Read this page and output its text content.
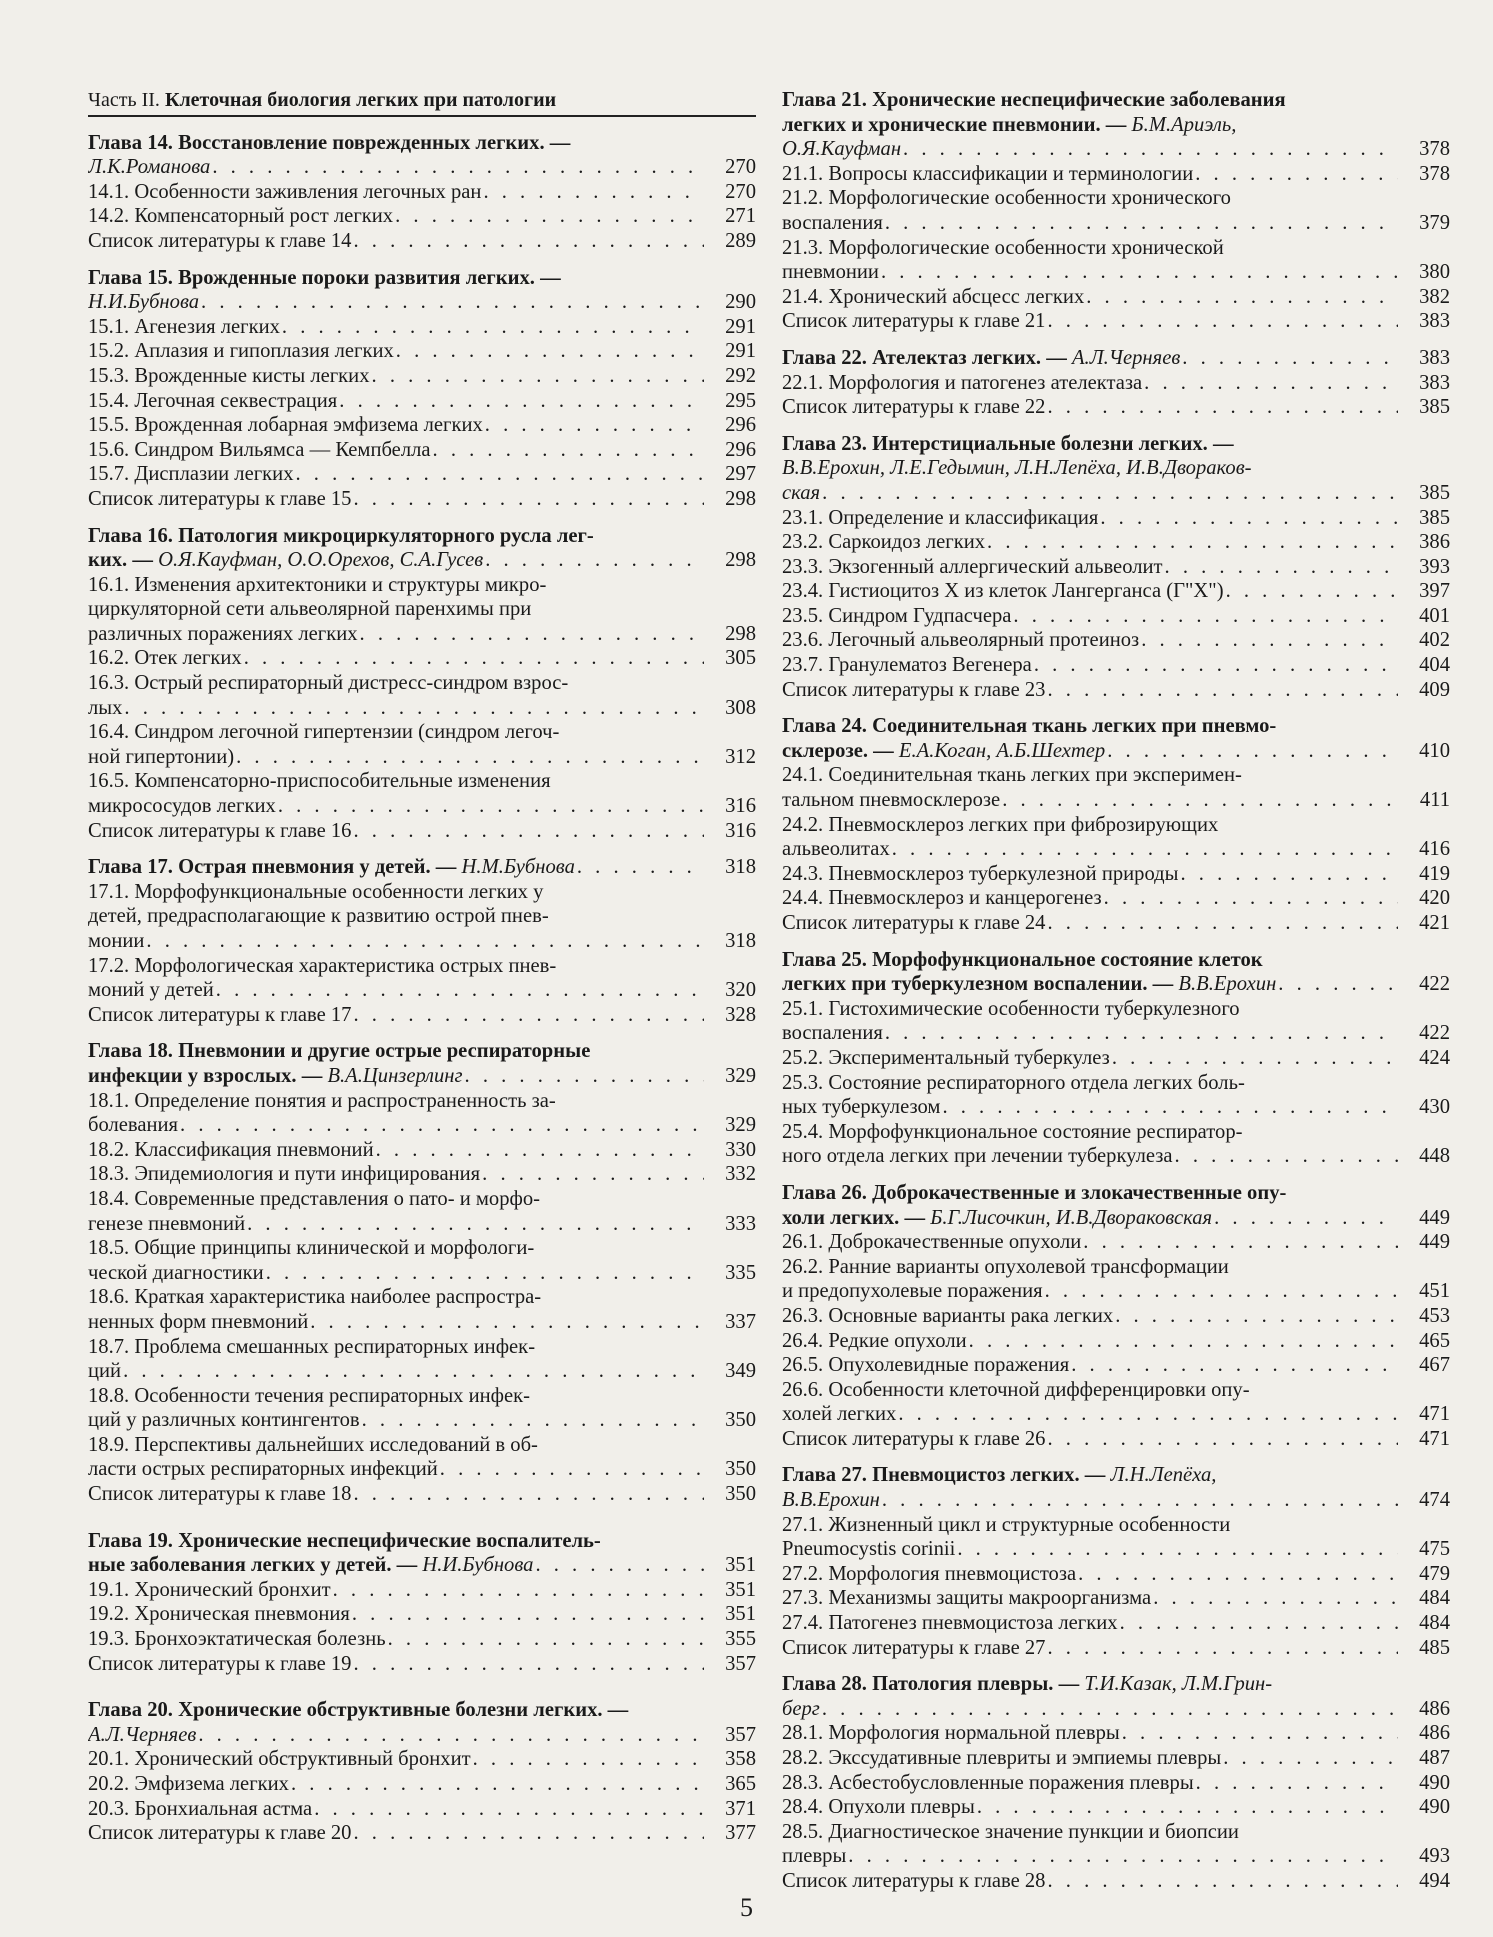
Часть II. Клеточная биология легких при патологии
Глава 14. Восстановление поврежденных легких. —
Л.К.Романова . . .	270
14.1. Особенности заживления легочных ран . . .	270
14.2. Компенсаторный рост легких . . .	271
Список литературы к главе 14 . . .	289
Глава 15. Врожденные пороки развития легких. —
Н.И.Бубнова . . .	290
15.1. Агенезия легких . . .	291
15.2. Аплазия и гипоплазия легких . . .	291
15.3. Врожденные кисты легких . . .	292
15.4. Легочная секвестрация . . .	295
15.5. Врожденная лобарная эмфизема легких . . .	296
15.6. Синдром Вильямса — Кемпбелла . . .	296
15.7. Дисплазии легких . . .	297
Список литературы к главе 15 . . .	298
Глава 16. Патология микроциркуляторного русла лег-
ких. — О.Я.Кауфман, О.О.Орехов, С.А.Гусев . . .	298
16.1. Изменения архитектоники и структуры микро-
циркуляторной сети альвеолярной паренхимы при
различных поражениях легких . . .	298
16.2. Отек легких . . .	305
16.3. Острый респираторный дистресс-синдром взрос-
лых . . .	308
16.4. Синдром легочной гипертензии (синдром легоч-
ной гипертонии) . . .	312
16.5. Компенсаторно-приспособительные изменения
микрососудов легких . . .	316
Список литературы к главе 16 . . .	316
Глава 17. Острая пневмония у детей. — Н.М.Бубнова . . .	318
17.1. Морфофункциональные особенности легких у
детей, предрасполагающие к развитию острой пнев-
монии . . .	318
17.2. Морфологическая характеристика острых пнев-
моний у детей . . .	320
Список литературы к главе 17 . . .	328
Глава 18. Пневмонии и другие острые респираторные
инфекции у взрослых. — В.А.Цинзерлинг . . .	329
18.1. Определение понятия и распространенность за-
болевания . . .	329
18.2. Классификация пневмоний . . .	330
18.3. Эпидемиология и пути инфицирования . . .	332
18.4. Современные представления о пато- и морфо-
генезе пневмоний . . .	333
18.5. Общие принципы клинической и морфологи-
ческой диагностики . . .	335
18.6. Краткая характеристика наиболее распростра-
ненных форм пневмоний . . .	337
18.7. Проблема смешанных респираторных инфек-
ций . . .	349
18.8. Особенности течения респираторных инфек-
ций у различных контингентов . . .	350
18.9. Перспективы дальнейших исследований в об-
ласти острых респираторных инфекций . . .	350
Список литературы к главе 18 . . .	350
Глава 19. Хронические неспецифические воспалитель-
ные заболевания легких у детей. — Н.И.Бубнова . . .	351
19.1. Хронический бронхит . . .	351
19.2. Хроническая пневмония . . .	351
19.3. Бронхоэктатическая болезнь . . .	355
Список литературы к главе 19 . . .	357
Глава 20. Хронические обструктивные болезни легких. —
А.Л.Черняев . . .	357
20.1. Хронический обструктивный бронхит . . .	358
20.2. Эмфизема легких . . .	365
20.3. Бронхиальная астма . . .	371
Список литературы к главе 20 . . .	377
Глава 21. Хронические неспецифические заболевания
легких и хронические пневмонии. — Б.М.Ариэль,
О.Я.Кауфман . . .	378
21.1. Вопросы классификации и терминологии . . .	378
21.2. Морфологические особенности хронического
воспаления . . .	379
21.3. Морфологические особенности хронической
пневмонии . . .	380
21.4. Хронический абсцесс легких . . .	382
Список литературы к главе 21 . . .	383
Глава 22. Ателектаз легких. — А.Л.Черняев . . .	383
22.1. Морфология и патогенез ателектаза . . .	383
Список литературы к главе 22 . . .	385
Глава 23. Интерстициальные болезни легких. —
В.В.Ерохин, Л.Е.Гедымин, Л.Н.Лепёха, И.В.Двораков-
ская . . .	385
23.1. Определение и классификация . . .	385
23.2. Саркоидоз легких . . .	386
23.3. Экзогенный аллергический альвеолит . . .	393
23.4. Гистиоцитоз Х из клеток Лангерганса (Г"Х") . . .	397
23.5. Синдром Гудпасчера . . .	401
23.6. Легочный альвеолярный протеиноз . . .	402
23.7. Гранулематоз Вегенера . . .	404
Список литературы к главе 23 . . .	409
Глава 24. Соединительная ткань легких при пневмо-
склерозе. — Е.А.Коган, А.Б.Шехтер . . .	410
24.1. Соединительная ткань легких при эксперимен-
тальном пневмосклерозе . . .	411
24.2. Пневмосклероз легких при фиброзирующих
альвеолитах . . .	416
24.3. Пневмосклероз туберкулезной природы . . .	419
24.4. Пневмосклероз и канцерогенез . . .	420
Список литературы к главе 24 . . .	421
Глава 25. Морфофункциональное состояние клеток
легких при туберкулезном воспалении. — В.В.Ерохин . . .	422
25.1. Гистохимические особенности туберкулезного
воспаления . . .	422
25.2. Экспериментальный туберкулез . . .	424
25.3. Состояние респираторного отдела легких боль-
ных туберкулезом . . .	430
25.4. Морфофункциональное состояние респиратор-
ного отдела легких при лечении туберкулеза . . .	448
Глава 26. Доброкачественные и злокачественные опу-
холи легких. — Б.Г.Лисочкин, И.В.Двораковская . . .	449
26.1. Доброкачественные опухоли . . .	449
26.2. Ранние варианты опухолевой трансформации
и предопухолевые поражения . . .	451
26.3. Основные варианты рака легких . . .	453
26.4. Редкие опухоли . . .	465
26.5. Опухолевидные поражения . . .	467
26.6. Особенности клеточной дифференцировки опу-
холей легких . . .	471
Список литературы к главе 26 . . .	471
Глава 27. Пневмоцистоз легких. — Л.Н.Лепёха,
В.В.Ерохин . . .	474
27.1. Жизненный цикл и структурные особенности
Pneumocystis corinii . . .	475
27.2. Морфология пневмоцистоза . . .	479
27.3. Механизмы защиты макроорганизма . . .	484
27.4. Патогенез пневмоцистоза легких . . .	484
Список литературы к главе 27 . . .	485
Глава 28. Патология плевры. — Т.И.Казак, Л.М.Грин-
берг . . .	486
28.1. Морфология нормальной плевры . . .	486
28.2. Экссудативные плевриты и эмпиемы плевры . . .	487
28.3. Асбестобусловленные поражения плевры . . .	490
28.4. Опухоли плевры . . .	490
28.5. Диагностическое значение пункции и биопсии
плевры . . .	493
Список литературы к главе 28 . . .	494
5
